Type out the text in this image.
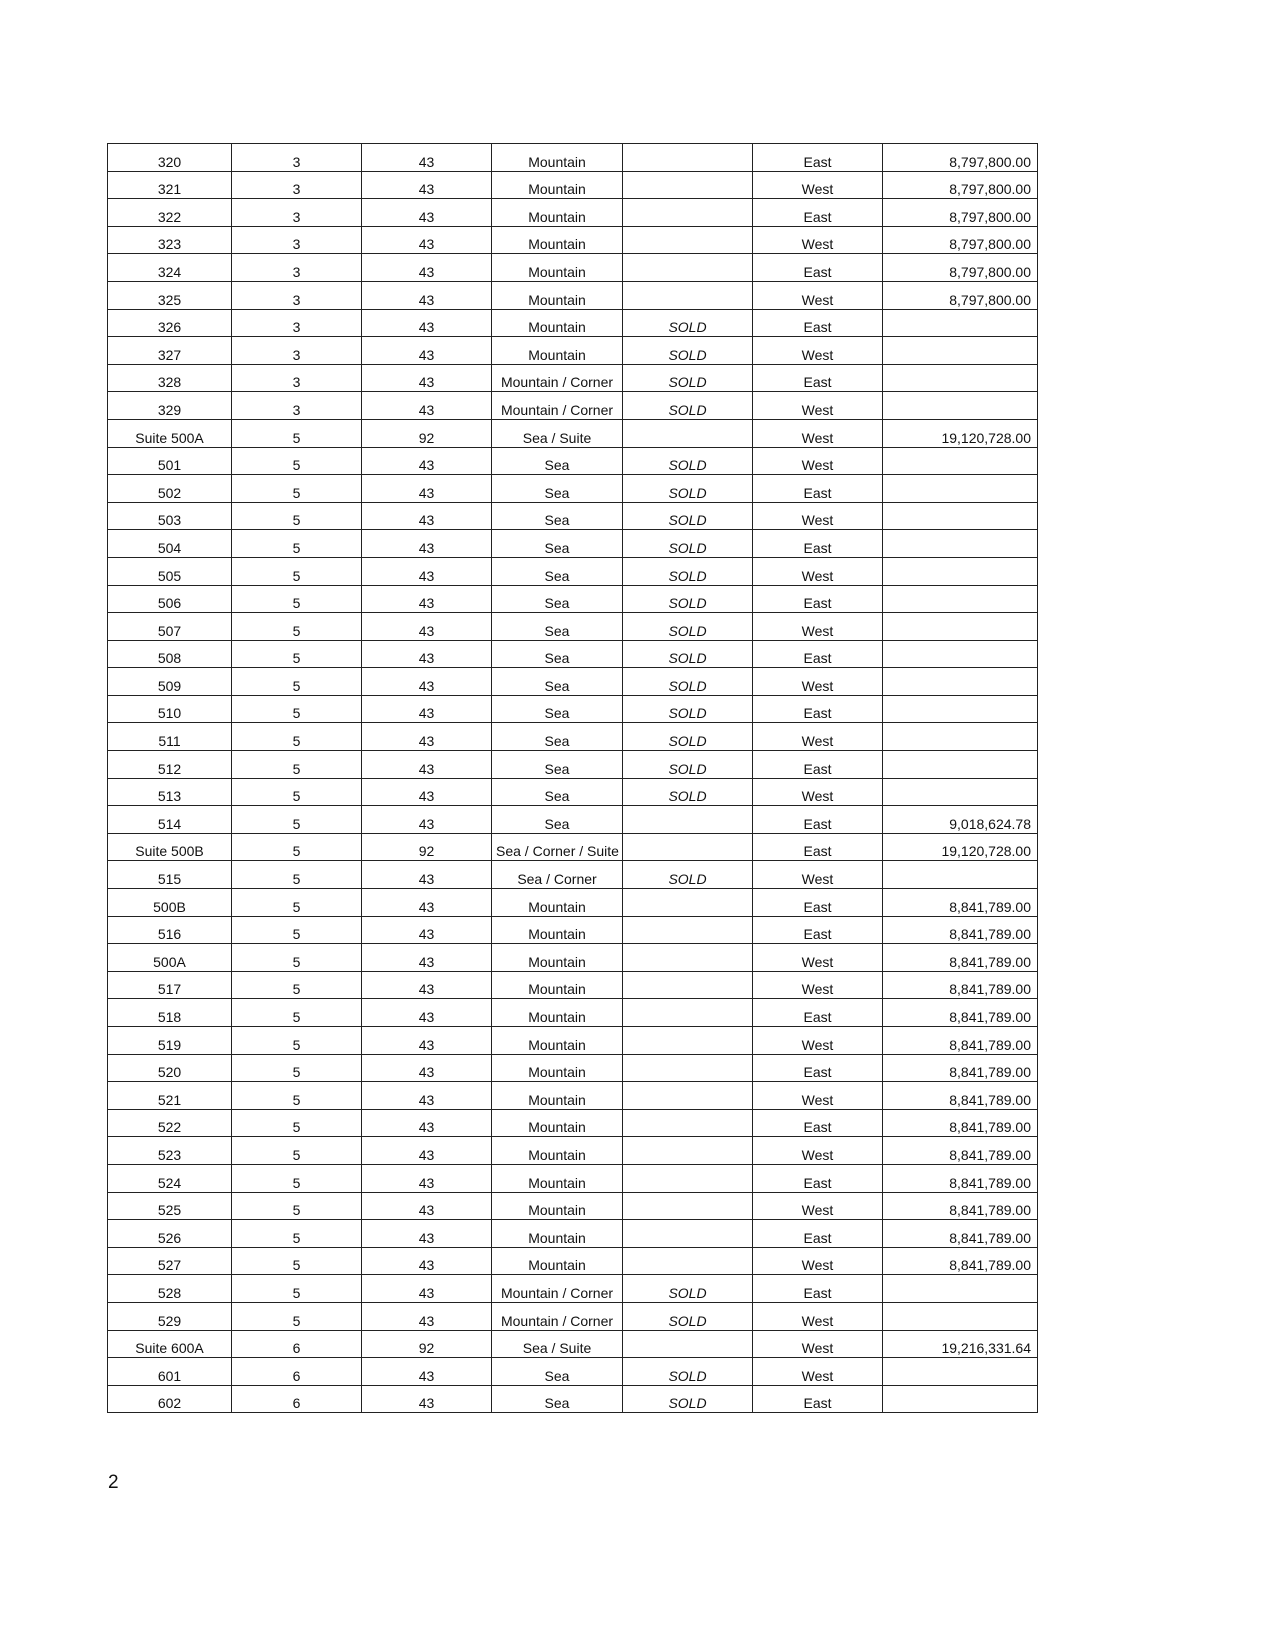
320	3	43	Mountain		East	8,797,800.00
321	3	43	Mountain		West	8,797,800.00
322	3	43	Mountain		East	8,797,800.00
323	3	43	Mountain		West	8,797,800.00
324	3	43	Mountain		East	8,797,800.00
325	3	43	Mountain		West	8,797,800.00
326	3	43	Mountain	SOLD	East	
327	3	43	Mountain	SOLD	West	
328	3	43	Mountain / Corner	SOLD	East	
329	3	43	Mountain / Corner	SOLD	West	
Suite 500A	5	92	Sea / Suite		West	19,120,728.00
501	5	43	Sea	SOLD	West	
502	5	43	Sea	SOLD	East	
503	5	43	Sea	SOLD	West	
504	5	43	Sea	SOLD	East	
505	5	43	Sea	SOLD	West	
506	5	43	Sea	SOLD	East	
507	5	43	Sea	SOLD	West	
508	5	43	Sea	SOLD	East	
509	5	43	Sea	SOLD	West	
510	5	43	Sea	SOLD	East	
511	5	43	Sea	SOLD	West	
512	5	43	Sea	SOLD	East	
513	5	43	Sea	SOLD	West	
514	5	43	Sea		East	9,018,624.78
Suite 500B	5	92	Sea / Corner / Suite		East	19,120,728.00
515	5	43	Sea / Corner	SOLD	West	
500B	5	43	Mountain		East	8,841,789.00
516	5	43	Mountain		East	8,841,789.00
500A	5	43	Mountain		West	8,841,789.00
517	5	43	Mountain		West	8,841,789.00
518	5	43	Mountain		East	8,841,789.00
519	5	43	Mountain		West	8,841,789.00
520	5	43	Mountain		East	8,841,789.00
521	5	43	Mountain		West	8,841,789.00
522	5	43	Mountain		East	8,841,789.00
523	5	43	Mountain		West	8,841,789.00
524	5	43	Mountain		East	8,841,789.00
525	5	43	Mountain		West	8,841,789.00
526	5	43	Mountain		East	8,841,789.00
527	5	43	Mountain		West	8,841,789.00
528	5	43	Mountain / Corner	SOLD	East	
529	5	43	Mountain / Corner	SOLD	West	
Suite 600A	6	92	Sea / Suite		West	19,216,331.64
601	6	43	Sea	SOLD	West	
602	6	43	Sea	SOLD	East	
2
